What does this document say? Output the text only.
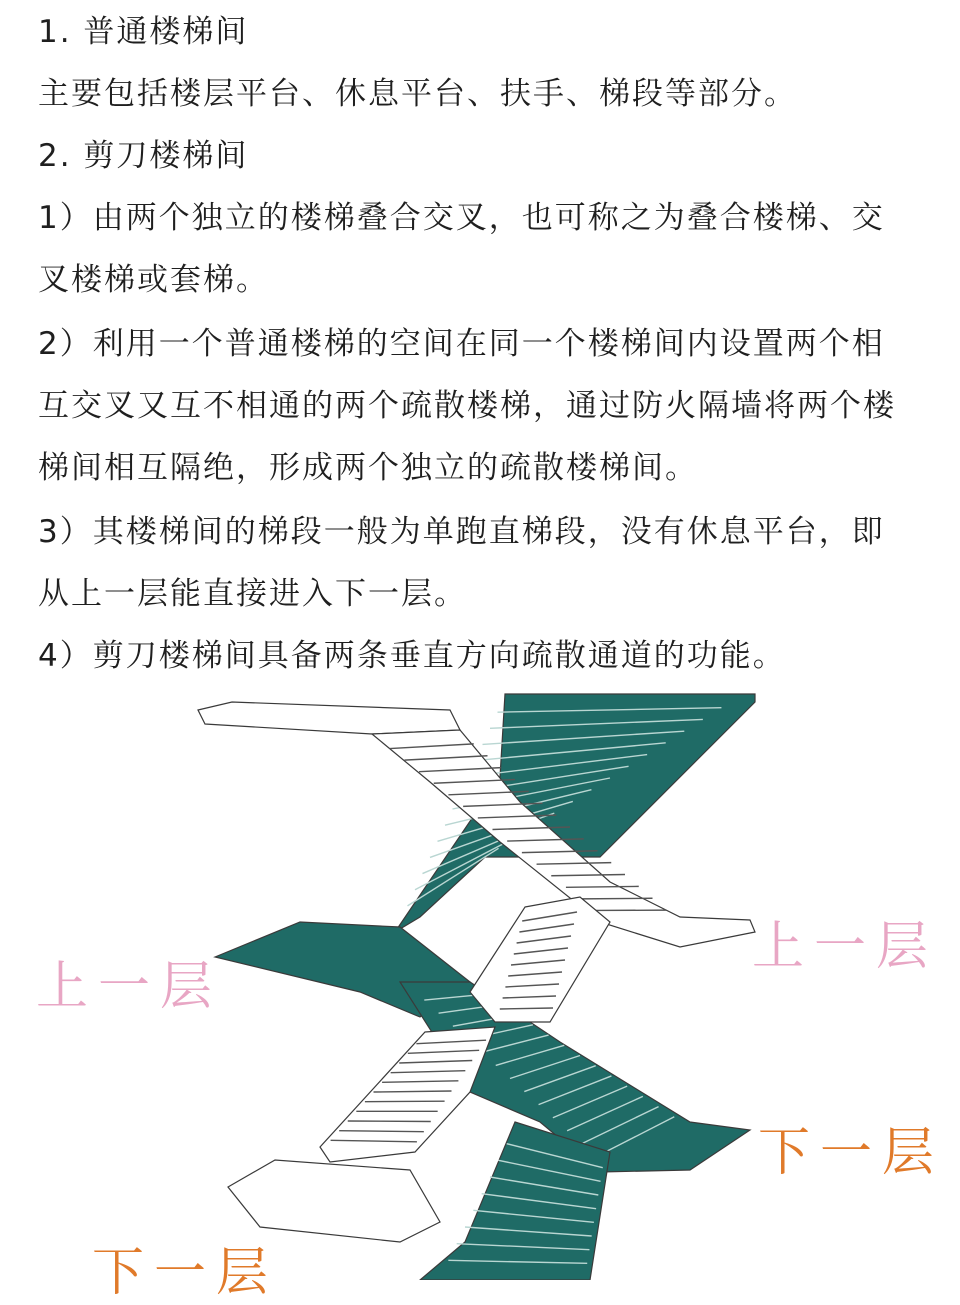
1. 普通楼梯间
主要包括楼层平台、休息平台、扶手、梯段等部分。
2. 剪刀楼梯间
1）由两个独立的楼梯叠合交叉，也可称之为叠合楼梯、交
叉楼梯或套梯。
2）利用一个普通楼梯的空间在同一个楼梯间内设置两个相
互交叉又互不相通的两个疏散楼梯，通过防火隔墙将两个楼
梯间相互隔绝，形成两个独立的疏散楼梯间。
3）其楼梯间的梯段一般为单跑直梯段，没有休息平台，即
从上一层能直接进入下一层。
4）剪刀楼梯间具备两条垂直方向疏散通道的功能。
上一层
上一层
下一层
下一层
